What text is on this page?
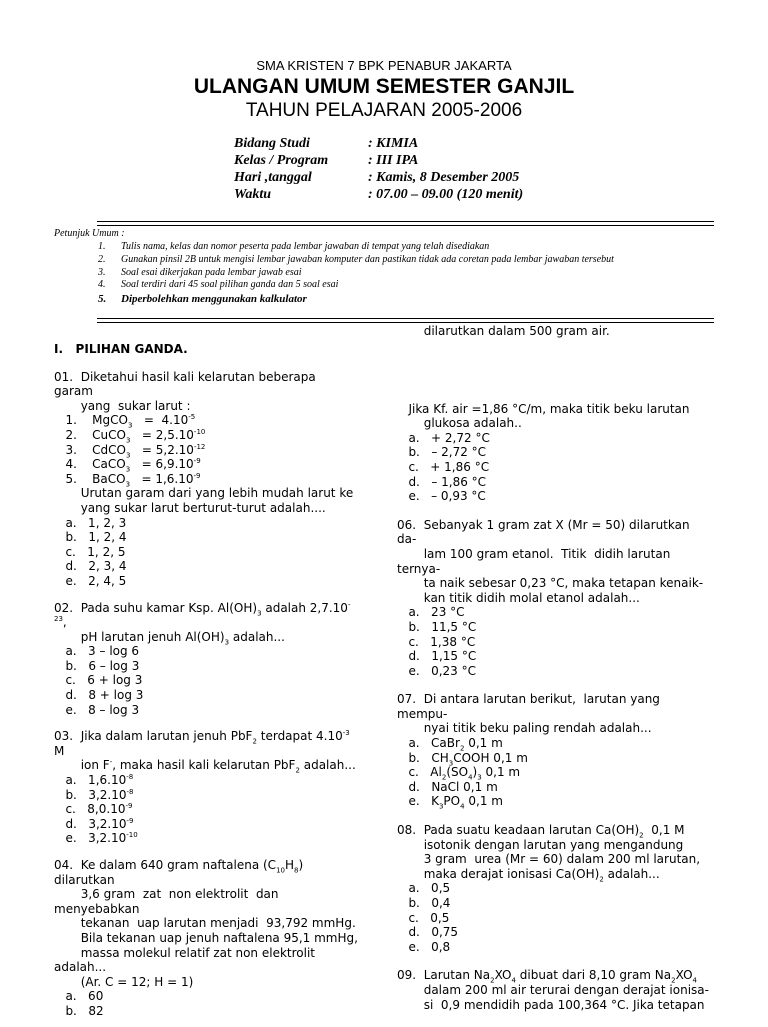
SMA KRISTEN 7 BPK PENABUR JAKARTA
ULANGAN UMUM SEMESTER GANJIL
TAHUN PELAJARAN 2005-2006
Bidang Studi	: KIMIA
Kelas / Program	: III IPA
Hari ,tanggal	: Kamis, 8 Desember 2005
Waktu	: 07.00 – 09.00 (120 menit)
Petunjuk Umum :
1. Tulis nama, kelas dan nomor peserta pada lembar jawaban di tempat yang telah disediakan
2. Gunakan pinsil 2B untuk mengisi lembar jawaban komputer dan pastikan tidak ada coretan pada lembar jawaban tersebut
3. Soal esai dikerjakan pada lembar jawab esai
4. Soal terdiri dari 45 soal pilihan ganda dan 5 soal esai
5. Diperbolehkan menggunakan kalkulator
I.   PILIHAN GANDA.
01.  Diketahui hasil kali kelarutan beberapa
garam
yang  sukar larut :
1.    MgCO$_3$   =  $4.10^{-5}$
2.    CuCO$_3$   = $2,5.10^{-10}$
3.    CdCO$_3$   = $5,2.10^{-12}$
4.    CaCO$_3$   = $6,9.10^{-9}$
5.    BaCO$_3$   = $1,6.10^{-9}$
Urutan garam dari yang lebih mudah larut ke
yang sukar larut berturut-turut adalah....
a.   1, 2, 3
b.   1, 2, 4
c.   1, 2, 5
d.   2, 3, 4
e.   2, 4, 5
02.  Pada suhu kamar Ksp. $Al(OH)_3$ adalah 2,7.10-
$^{23}$,
pH larutan jenuh $Al(OH)_3$ adalah...
a.   3 – log 6
b.   6 – log 3
c.   6 + log 3
d.   8 + log 3
e.   8 – log 3
03.  Jika dalam larutan jenuh PbF$_2$ terdapat $4.10^{-3}$
M
ion F-, maka hasil kali kelarutan PbF$_2$ adalah...
a.   $1,6.10^{-8}$
b.   $3,2.10^{-8}$
c.   $8,0.10^{-9}$
d.   $3,2.10^{-9}$
e.   $3,2.10^{-10}$
04.  Ke dalam 640 gram naftalena $(C_{10}H_8)$
dilarutkan
3,6 gram  zat  non elektrolit  dan
menyebabkan
tekanan  uap larutan menjadi  93,792 mmHg.
Bila tekanan uap jenuh naftalena 95,1 mmHg,
massa molekul relatif zat non elektrolit
adalah...
(Ar. C = 12; H = 1)
a.   60
b.   82
dilarutkan dalam 500 gram air.
Jika Kf. air =1,86 °C/m, maka titik beku larutan
glukosa adalah..
a.   + 2,72 °C
b.   – 2,72 °C
c.   + 1,86 °C
d.   – 1,86 °C
e.   – 0,93 °C
06.  Sebanyak 1 gram zat X (Mr = 50) dilarutkan
da-
lam 100 gram etanol.  Titik  didih larutan
ternya-
ta naik sebesar 0,23 °C, maka tetapan kenaik-
kan titik didih molal etanol adalah...
a.   23 °C
b.   11,5 °C
c.   1,38 °C
d.   1,15 °C
e.   0,23 °C
07.  Di antara larutan berikut,  larutan yang
mempu-
nyai titik beku paling rendah adalah...
a.   CaBr$_2$ 0,1 m
b.   $CH_3COOH$ 0,1 m
c.   $Al_2(SO_4)_3$ 0,1 m
d.   NaCl 0,1 m
e.   $K_3PO_4$ 0,1 m
08.  Pada suatu keadaan larutan $Ca(OH)_2$  0,1 M
isotonik dengan larutan yang mengandung
3 gram  urea (Mr = 60) dalam 200 ml larutan,
maka derajat ionisasi $Ca(OH)_2$ adalah...
a.   0,5
b.   0,4
c.   0,5
d.   0,75
e.   0,8
09.  Larutan $Na_2XO_4$ dibuat dari 8,10 gram $Na_2XO_4$
dalam 200 ml air terurai dengan derajat ionisa-
si  0,9 mendidih pada 100,364 °C. Jika tetapan
